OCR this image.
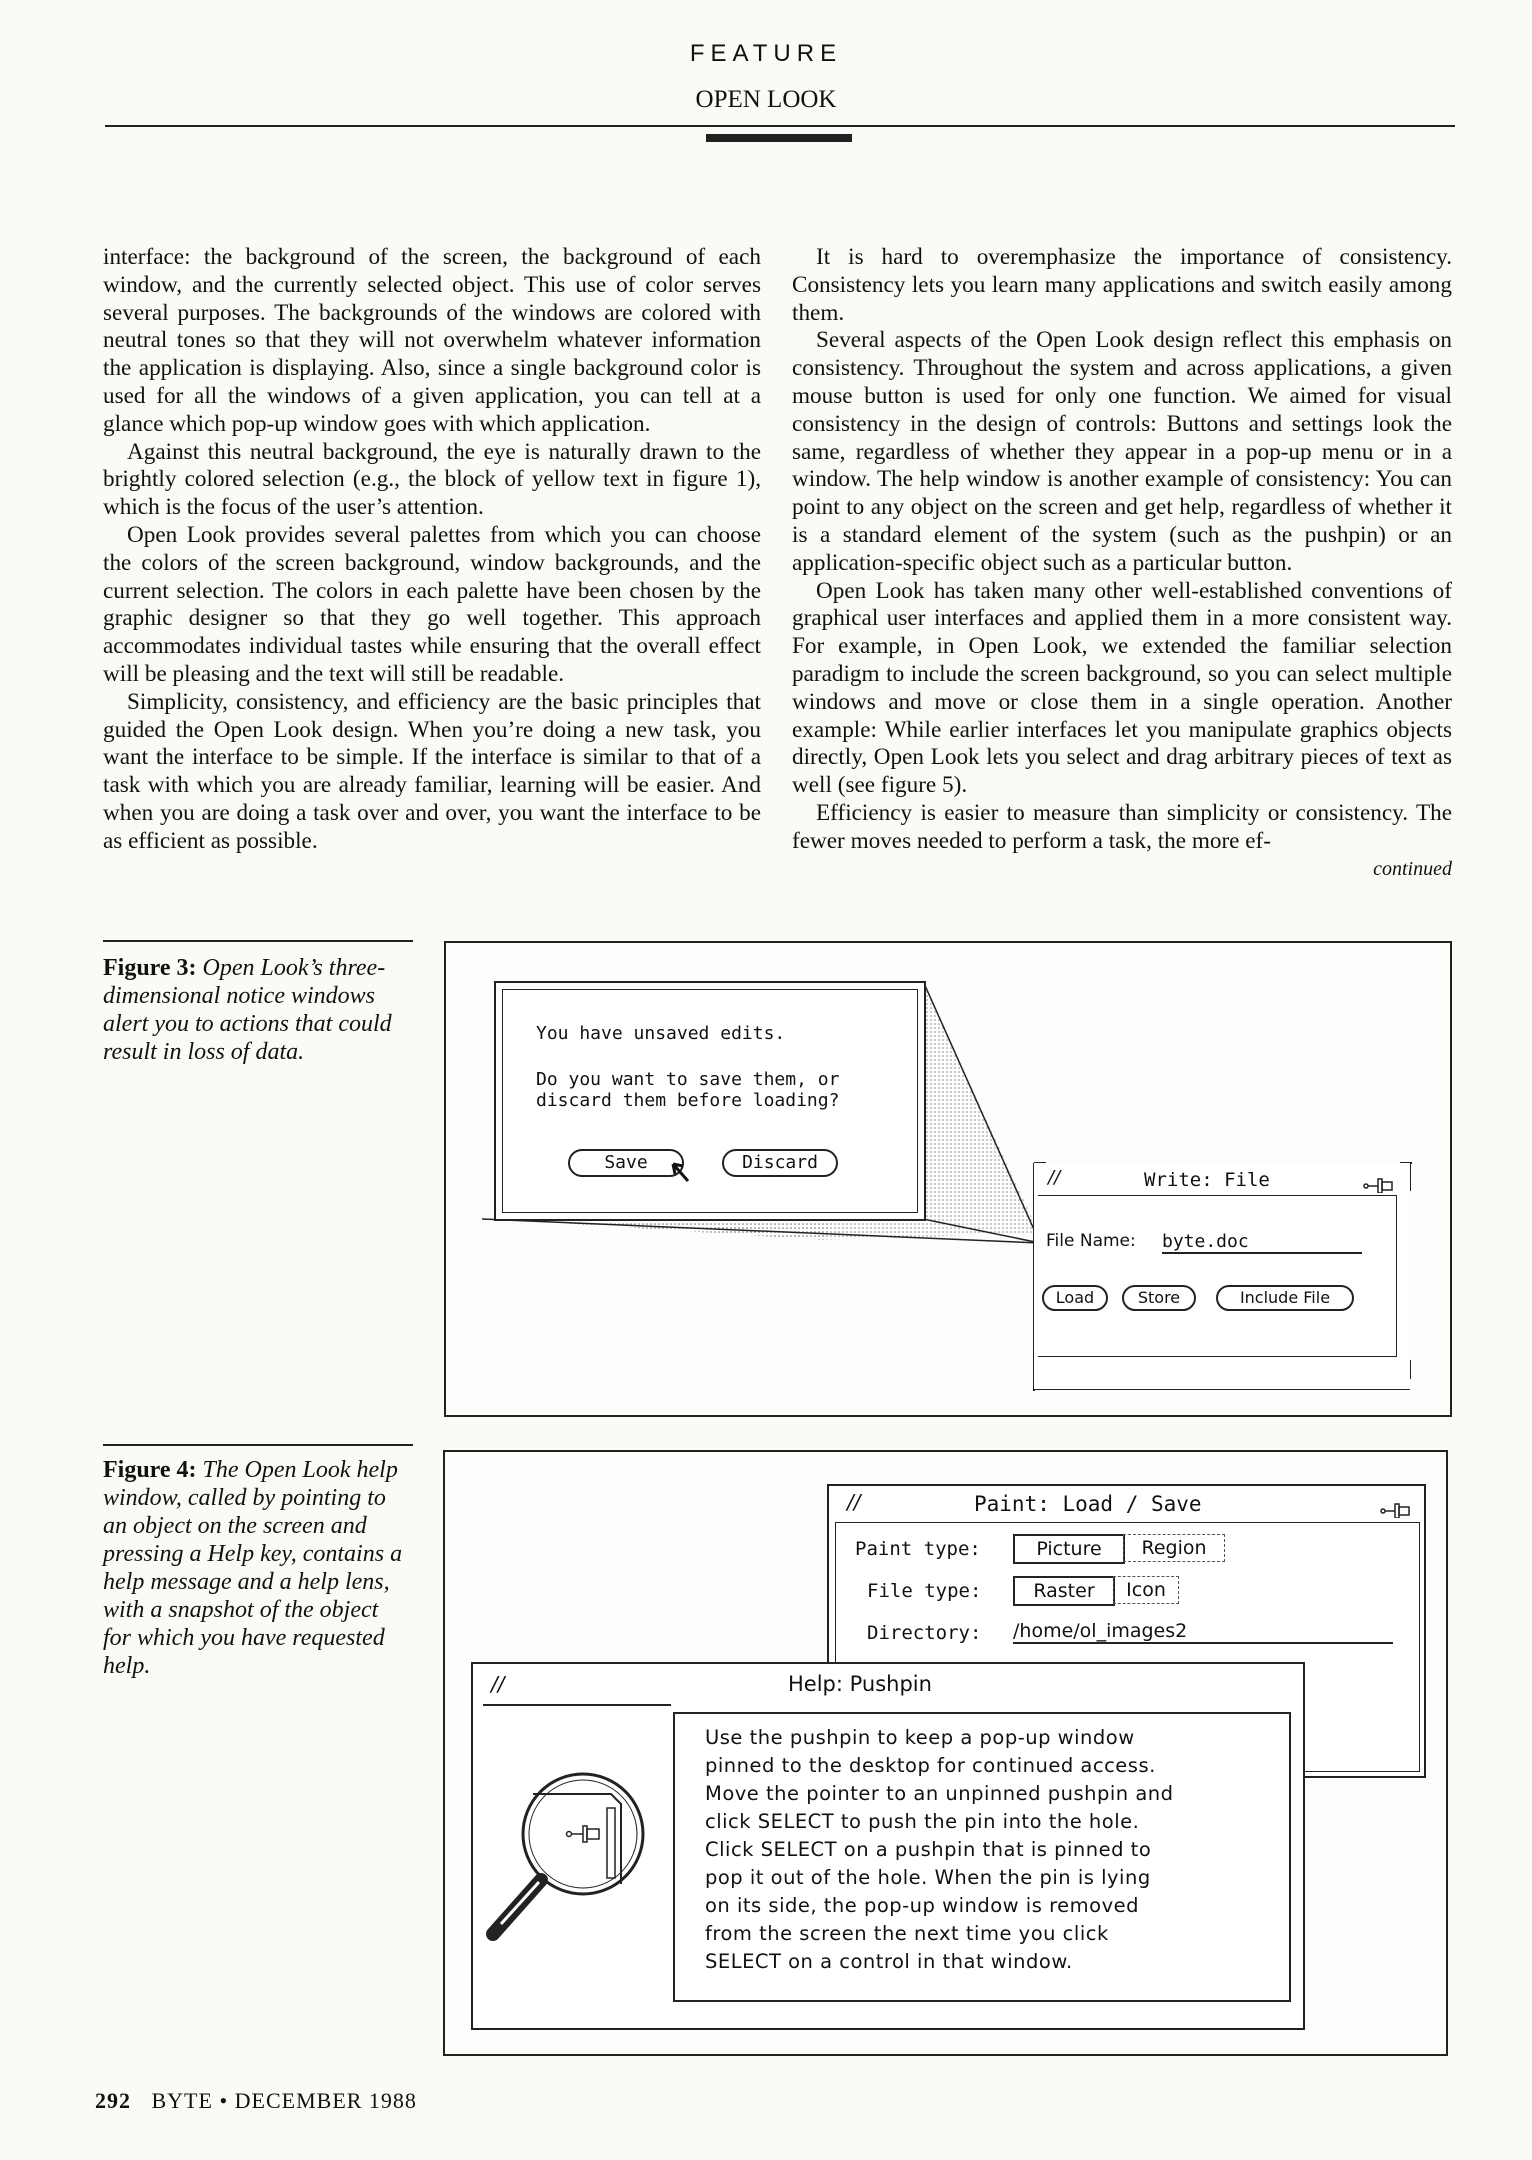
FEATURE
OPEN LOOK

interface: the background of the screen, the background of each window, and the currently selected object. This use of color serves several purposes. The backgrounds of the windows are colored with neutral tones so that they will not overwhelm whatever information the application is displaying. Also, since a single background color is used for all the windows of a given application, you can tell at a glance which pop-up window goes with which application.

Against this neutral background, the eye is naturally drawn to the brightly colored selection (e.g., the block of yellow text in figure 1), which is the focus of the user’s attention.

Open Look provides several palettes from which you can choose the colors of the screen background, window backgrounds, and the current selection. The colors in each palette have been chosen by the graphic designer so that they go well together. This approach accommodates individual tastes while ensuring that the overall effect will be pleasing and the text will still be readable.

Simplicity, consistency, and efficiency are the basic principles that guided the Open Look design. When you’re doing a new task, you want the interface to be simple. If the interface is similar to that of a task with which you are already familiar, learning will be easier. And when you are doing a task over and over, you want the interface to be as efficient as possible.

It is hard to overemphasize the importance of consistency. Consistency lets you learn many applications and switch easily among them.

Several aspects of the Open Look design reflect this emphasis on consistency. Throughout the system and across applications, a given mouse button is used for only one function. We aimed for visual consistency in the design of controls: Buttons and settings look the same, regardless of whether they appear in a pop-up menu or in a window. The help window is another example of consistency: You can point to any object on the screen and get help, regardless of whether it is a standard element of the system (such as the pushpin) or an application-specific object such as a particular button.

Open Look has taken many other well-established conventions of graphical user interfaces and applied them in a more consistent way. For example, in Open Look, we extended the familiar selection paradigm to include the screen background, so you can select multiple windows and move or close them in a single operation. Another example: While earlier interfaces let you manipulate graphics objects directly, Open Look lets you select and drag arbitrary pieces of text as well (see figure 5).

Efficiency is easier to measure than simplicity or consistency. The fewer moves needed to perform a task, the more ef-

continued
Figure 3: Open Look’s three-dimensional notice windows alert you to actions that could result in loss of data.
You have unsaved edits.
Do you want to save them, or
discard them before loading?
Save	Discard
//	Write: File
File Name: byte.doc
Load	Store	Include File
Figure 4: The Open Look help window, called by pointing to an object on the screen and pressing a Help key, contains a help message and a help lens, with a snapshot of the object for which you have requested help.
//	Paint: Load / Save
Paint type:	Picture	Region
File type:	Raster	Icon
Directory: /home/ol_images2
//	Help: Pushpin
Use the pushpin to keep a pop-up window
pinned to the desktop for continued access.
Move the pointer to an unpinned pushpin and
click SELECT to push the pin into the hole.
Click SELECT on a pushpin that is pinned to
pop it out of the hole. When the pin is lying
on its side, the pop-up window is removed
from the screen the next time you click
SELECT on a control in that window.
292 BYTE • DECEMBER 1988
